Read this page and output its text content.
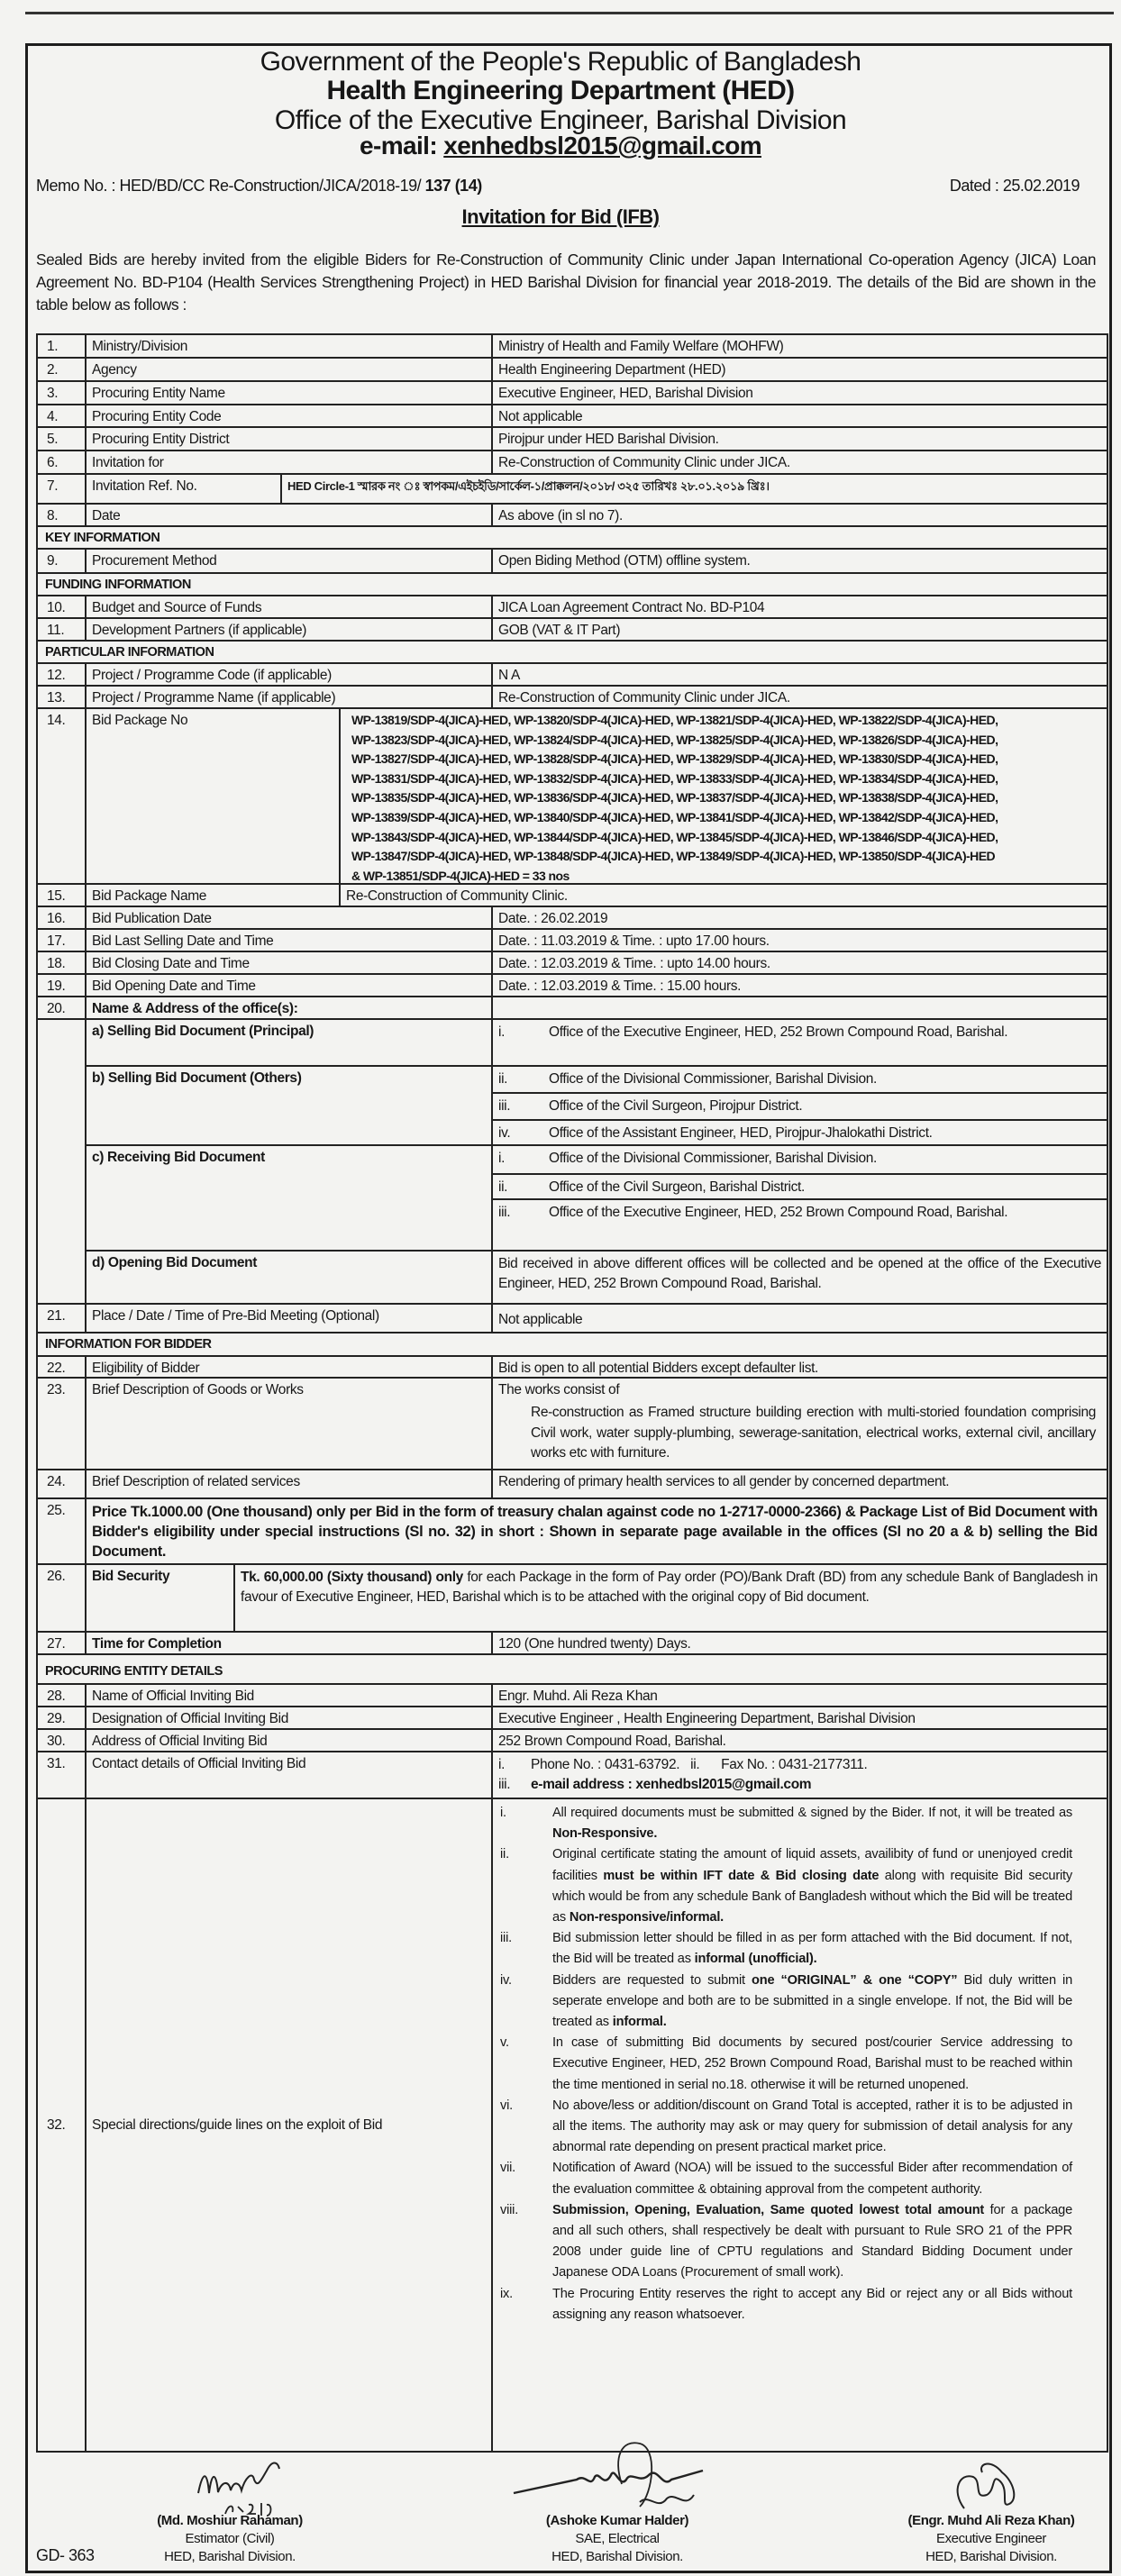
Government of the People's Republic of Bangladesh
Health Engineering Department (HED)
Office of the Executive Engineer, Barishal Division
e-mail: xenhedbsl2015@gmail.com
Memo No. : HED/BD/CC Re-Construction/JICA/2018-19/ 137 (14)	Dated : 25.02.2019
Invitation for Bid (IFB)
Sealed Bids are hereby invited from the eligible Biders for Re-Construction of Community Clinic under Japan International Co-operation Agency (JICA) Loan Agreement No. BD-P104 (Health Services Strengthening Project) in HED Barishal Division for financial year 2018-2019. The details of the Bid are shown in the table below as follows :
1.	Ministry/Division	Ministry of Health and Family Welfare (MOHFW)
2.	Agency	Health Engineering Department (HED)
3.	Procuring Entity Name	Executive Engineer, HED, Barishal Division
4.	Procuring Entity Code	Not applicable
5.	Procuring Entity District	Pirojpur under HED Barishal Division.
6.	Invitation for	Re-Construction of Community Clinic under JICA.
7.	Invitation Ref. No.	HED Circle-1 স্মারক নং ঃ স্বাপকম/এইচইডি/সার্কেল-১/প্রাক্কলন/২০১৮/ ৩২৫ তারিখঃ ২৮.০১.২০১৯ খ্রিঃ।
8.	Date	As above (in sl no 7).
KEY INFORMATION
9.	Procurement Method	Open Biding Method (OTM) offline system.
FUNDING INFORMATION
10.	Budget and Source of Funds	JICA Loan Agreement Contract No. BD-P104
11.	Development Partners (if applicable)	GOB (VAT & IT Part)
PARTICULAR INFORMATION
12.	Project / Programme Code (if applicable)	N A
13.	Project / Programme Name (if applicable)	Re-Construction of Community Clinic under JICA.
14.	Bid Package No	WP-13819/SDP-4(JICA)-HED, WP-13820/SDP-4(JICA)-HED, WP-13821/SDP-4(JICA)-HED, WP-13822/SDP-4(JICA)-HED,
WP-13823/SDP-4(JICA)-HED, WP-13824/SDP-4(JICA)-HED, WP-13825/SDP-4(JICA)-HED, WP-13826/SDP-4(JICA)-HED,
WP-13827/SDP-4(JICA)-HED, WP-13828/SDP-4(JICA)-HED, WP-13829/SDP-4(JICA)-HED, WP-13830/SDP-4(JICA)-HED,
WP-13831/SDP-4(JICA)-HED, WP-13832/SDP-4(JICA)-HED, WP-13833/SDP-4(JICA)-HED, WP-13834/SDP-4(JICA)-HED,
WP-13835/SDP-4(JICA)-HED, WP-13836/SDP-4(JICA)-HED, WP-13837/SDP-4(JICA)-HED, WP-13838/SDP-4(JICA)-HED,
WP-13839/SDP-4(JICA)-HED, WP-13840/SDP-4(JICA)-HED, WP-13841/SDP-4(JICA)-HED, WP-13842/SDP-4(JICA)-HED,
WP-13843/SDP-4(JICA)-HED, WP-13844/SDP-4(JICA)-HED, WP-13845/SDP-4(JICA)-HED, WP-13846/SDP-4(JICA)-HED,
WP-13847/SDP-4(JICA)-HED, WP-13848/SDP-4(JICA)-HED, WP-13849/SDP-4(JICA)-HED, WP-13850/SDP-4(JICA)-HED
& WP-13851/SDP-4(JICA)-HED = 33 nos
15.	Bid Package Name	Re-Construction of Community Clinic.
16.	Bid Publication Date	Date. : 26.02.2019
17.	Bid Last Selling Date and Time	Date. : 11.03.2019 & Time. : upto 17.00 hours.
18.	Bid Closing Date and Time	Date. : 12.03.2019 & Time. : upto 14.00 hours.
19.	Bid Opening Date and Time	Date. : 12.03.2019 & Time. : 15.00 hours.
20.	Name & Address of the office(s):
a) Selling Bid Document (Principal)	i.	Office of the Executive Engineer, HED, 252 Brown Compound Road, Barishal.
b) Selling Bid Document (Others)	ii.	Office of the Divisional Commissioner, Barishal Division.
iii.	Office of the Civil Surgeon, Pirojpur District.
iv.	Office of the Assistant Engineer, HED, Pirojpur-Jhalokathi District.
c) Receiving Bid Document	i.	Office of the Divisional Commissioner, Barishal Division.
ii.	Office of the Civil Surgeon, Barishal District.
iii.	Office of the Executive Engineer, HED, 252 Brown Compound Road, Barishal.
d) Opening Bid Document	Bid received in above different offices will be collected and be opened at the office of the Executive Engineer, HED, 252 Brown Compound Road, Barishal.
21.	Place / Date / Time of Pre-Bid Meeting (Optional)	Not applicable
INFORMATION FOR BIDDER
22.	Eligibility of Bidder	Bid is open to all potential Bidders except defaulter list.
23.	Brief Description of Goods or Works	The works consist of
Re-construction as Framed structure building erection with multi-storied foundation comprising Civil work, water supply-plumbing, sewerage-sanitation, electrical works, external civil, ancillary works etc with furniture.
24.	Brief Description of related services	Rendering of primary health services to all gender by concerned department.
25.	Price Tk.1000.00 (One thousand) only per Bid in the form of treasury chalan against code no 1-2717-0000-2366) & Package List of Bid Document with Bidder's eligibility under special instructions (Sl no. 32) in short : Shown in separate page available in the offices (Sl no 20 a & b) selling the Bid Document.
26.	Bid Security	Tk. 60,000.00 (Sixty thousand) only for each Package in the form of Pay order (PO)/Bank Draft (BD) from any schedule Bank of Bangladesh in favour of Executive Engineer, HED, Barishal which is to be attached with the original copy of Bid document.
27.	Time for Completion	120 (One hundred twenty) Days.
PROCURING ENTITY DETAILS
28.	Name of Official Inviting Bid	Engr. Muhd. Ali Reza Khan
29.	Designation of Official Inviting Bid	Executive Engineer , Health Engineering Department, Barishal Division
30.	Address of Official Inviting Bid	252 Brown Compound Road, Barishal.
31.	Contact details of Official Inviting Bid	i. Phone No. : 0431-63792. ii. Fax No. : 0431-2177311.
iii. e-mail address : xenhedbsl2015@gmail.com
32.	Special directions/guide lines on the exploit of Bid
i.	All required documents must be submitted & signed by the Bider. If not, it will be treated as Non-Responsive.
ii.	Original certificate stating the amount of liquid assets, availibity of fund or unenjoyed credit facilities must be within IFT date & Bid closing date along with requisite Bid security which would be from any schedule Bank of Bangladesh without which the Bid will be treated as Non-responsive/informal.
iii.	Bid submission letter should be filled in as per form attached with the Bid document. If not, the Bid will be treated as informal (unofficial).
iv.	Bidders are requested to submit one “ORIGINAL” & one “COPY” Bid duly written in seperate envelope and both are to be submitted in a single envelope. If not, the Bid will be treated as informal.
v.	In case of submitting Bid documents by secured post/courier Service addressing to Executive Engineer, HED, 252 Brown Compound Road, Barishal must to be reached within the time mentioned in serial no.18. otherwise it will be returned unopened.
vi.	No above/less or addition/discount on Grand Total is accepted, rather it is to be adjusted in all the items. The authority may ask or may query for submission of detail analysis for any abnormal rate depending on present practical market price.
vii.	Notification of Award (NOA) will be issued to the successful Bider after recommendation of the evaluation committee & obtaining approval from the competent authority.
viii.	Submission, Opening, Evaluation, Same quoted lowest total amount for a package and all such others, shall respectively be dealt with pursuant to Rule SRO 21 of the PPR 2008 under guide line of CPTU regulations and Standard Bidding Document under Japanese ODA Loans (Procurement of small work).
ix.	The Procuring Entity reserves the right to accept any Bid or reject any or all Bids without assigning any reason whatsoever.
(Md. Moshiur Rahaman)
Estimator (Civil)
HED, Barishal Division.
(Ashoke Kumar Halder)
SAE, Electrical
HED, Barishal Division.
(Engr. Muhd Ali Reza Khan)
Executive Engineer
HED, Barishal Division.
GD- 363
